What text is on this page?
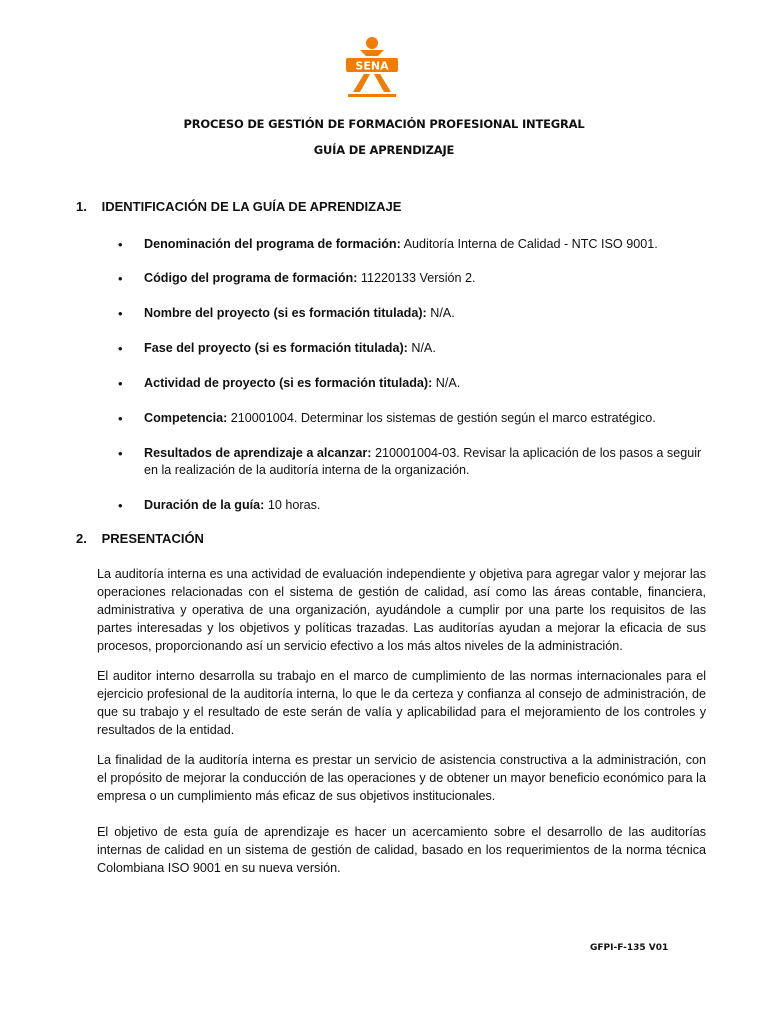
SENA
PROCESO DE GESTIÓN DE FORMACIÓN PROFESIONAL INTEGRAL
GUÍA DE APRENDIZAJE
1. IDENTIFICACIÓN DE LA GUÍA DE APRENDIZAJE
• Denominación del programa de formación: Auditoría Interna de Calidad - NTC ISO 9001.
• Código del programa de formación: 11220133 Versión 2.
• Nombre del proyecto (si es formación titulada): N/A.
• Fase del proyecto (si es formación titulada): N/A.
• Actividad de proyecto (si es formación titulada): N/A.
• Competencia: 210001004. Determinar los sistemas de gestión según el marco estratégico.
• Resultados de aprendizaje a alcanzar: 210001004-03. Revisar la aplicación de los pasos a seguir en la realización de la auditoría interna de la organización.
• Duración de la guía: 10 horas.
2. PRESENTACIÓN
La auditoría interna es una actividad de evaluación independiente y objetiva para agregar valor y mejorar las operaciones relacionadas con el sistema de gestión de calidad, así como las áreas contable, financiera, administrativa y operativa de una organización, ayudándole a cumplir por una parte los requisitos de las partes interesadas y los objetivos y políticas trazadas. Las auditorías ayudan a mejorar la eficacia de sus procesos, proporcionando así un servicio efectivo a los más altos niveles de la administración.
El auditor interno desarrolla su trabajo en el marco de cumplimiento de las normas internacionales para el ejercicio profesional de la auditoría interna, lo que le da certeza y confianza al consejo de administración, de que su trabajo y el resultado de este serán de valía y aplicabilidad para el mejoramiento de los controles y resultados de la entidad.
La finalidad de la auditoría interna es prestar un servicio de asistencia constructiva a la administración, con el propósito de mejorar la conducción de las operaciones y de obtener un mayor beneficio económico para la empresa o un cumplimiento más eficaz de sus objetivos institucionales.
El objetivo de esta guía de aprendizaje es hacer un acercamiento sobre el desarrollo de las auditorías internas de calidad en un sistema de gestión de calidad, basado en los requerimientos de la norma técnica Colombiana ISO 9001 en su nueva versión.
GFPI-F-135 V01
